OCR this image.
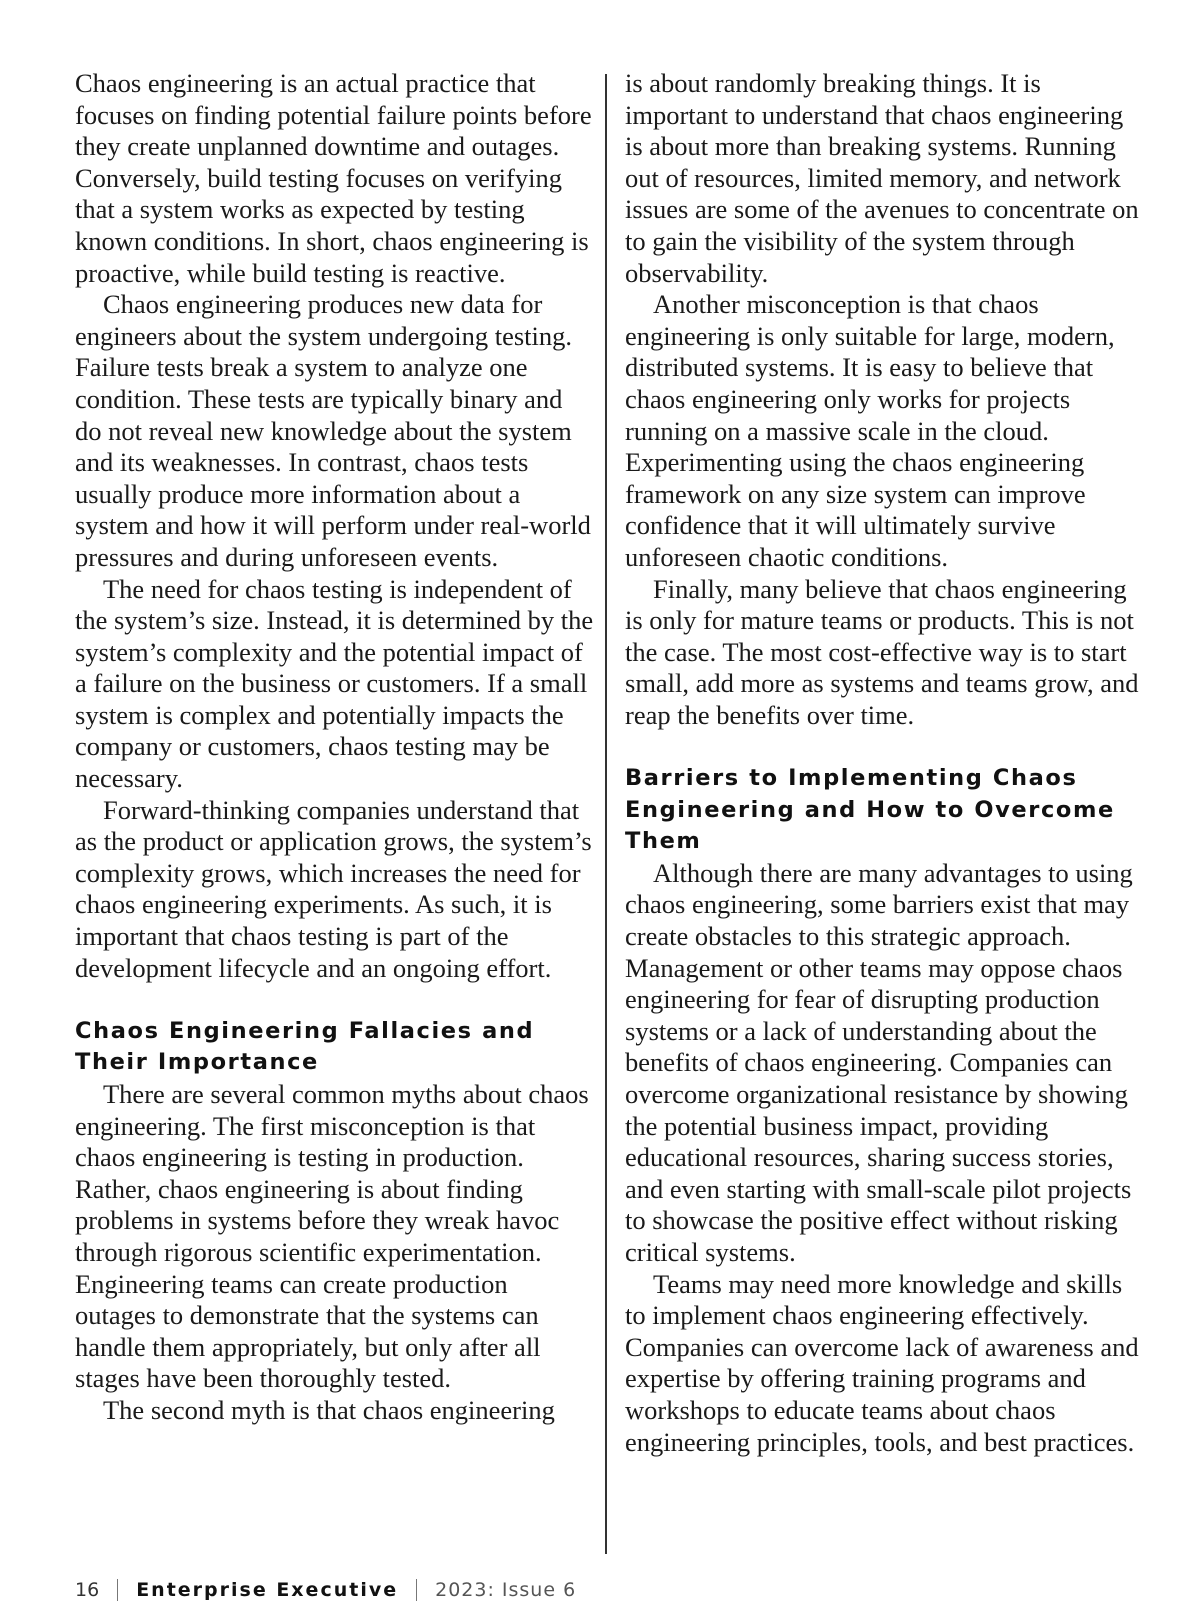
Chaos engineering is an actual practice that focuses on finding potential failure points before they create unplanned downtime and outages. Conversely, build testing focuses on verifying that a system works as expected by testing known conditions. In short, chaos engineering is proactive, while build testing is reactive.

Chaos engineering produces new data for engineers about the system undergoing testing. Failure tests break a system to analyze one condition. These tests are typically binary and do not reveal new knowledge about the system and its weaknesses. In contrast, chaos tests usually produce more information about a system and how it will perform under real-world pressures and during unforeseen events.

The need for chaos testing is independent of the system’s size. Instead, it is determined by the system’s complexity and the potential impact of a failure on the business or customers. If a small system is complex and potentially impacts the company or customers, chaos testing may be necessary.

Forward-thinking companies understand that as the product or application grows, the system’s complexity grows, which increases the need for chaos engineering experiments. As such, it is important that chaos testing is part of the development lifecycle and an ongoing effort.

Chaos Engineering Fallacies and Their Importance

There are several common myths about chaos engineering. The first misconception is that chaos engineering is testing in production. Rather, chaos engineering is about finding problems in systems before they wreak havoc through rigorous scientific experimentation. Engineering teams can create production outages to demonstrate that the systems can handle them appropriately, but only after all stages have been thoroughly tested.

The second myth is that chaos engineering

is about randomly breaking things. It is important to understand that chaos engineering is about more than breaking systems. Running out of resources, limited memory, and network issues are some of the avenues to concentrate on to gain the visibility of the system through observability.

Another misconception is that chaos engineering is only suitable for large, modern, distributed systems. It is easy to believe that chaos engineering only works for projects running on a massive scale in the cloud. Experimenting using the chaos engineering framework on any size system can improve confidence that it will ultimately survive unforeseen chaotic conditions.

Finally, many believe that chaos engineering is only for mature teams or products. This is not the case. The most cost-effective way is to start small, add more as systems and teams grow, and reap the benefits over time.

Barriers to Implementing Chaos Engineering and How to Overcome Them

Although there are many advantages to using chaos engineering, some barriers exist that may create obstacles to this strategic approach. Management or other teams may oppose chaos engineering for fear of disrupting production systems or a lack of understanding about the benefits of chaos engineering. Companies can overcome organizational resistance by showing the potential business impact, providing educational resources, sharing success stories, and even starting with small-scale pilot projects to showcase the positive effect without risking critical systems.

Teams may need more knowledge and skills to implement chaos engineering effectively. Companies can overcome lack of awareness and expertise by offering training programs and workshops to educate teams about chaos engineering principles, tools, and best practices.

16 Enterprise Executive 2023: Issue 6
